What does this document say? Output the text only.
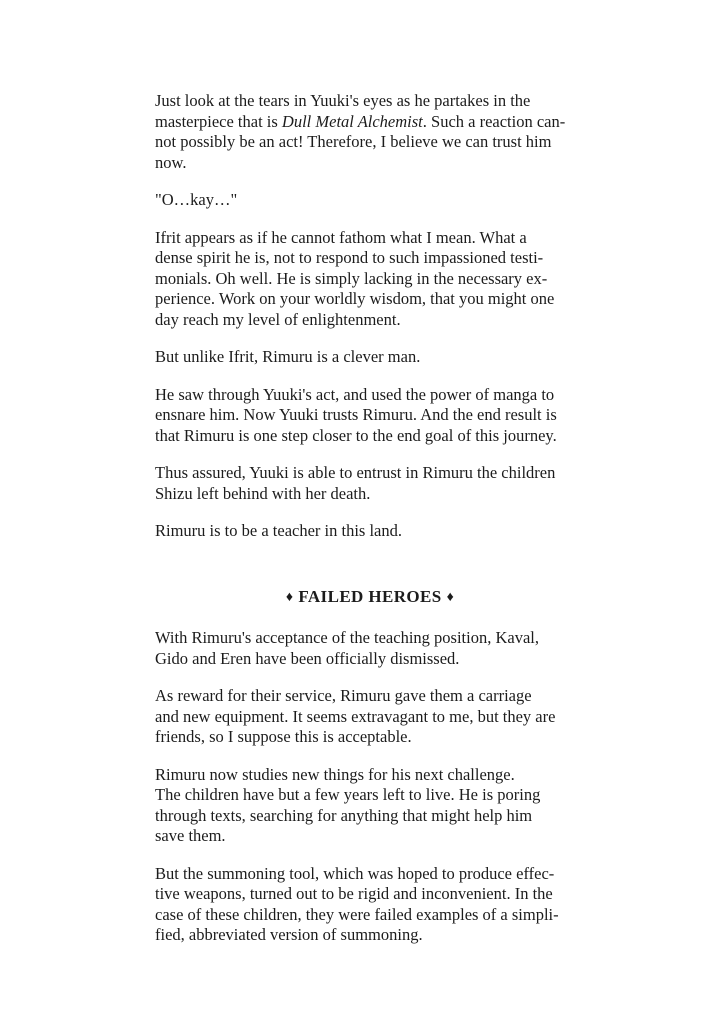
Just look at the tears in Yuuki's eyes as he partakes in the
masterpiece that is Dull Metal Alchemist. Such a reaction can-
not possibly be an act! Therefore, I believe we can trust him
now.

"O…kay…"

Ifrit appears as if he cannot fathom what I mean. What a
dense spirit he is, not to respond to such impassioned testi-
monials. Oh well. He is simply lacking in the necessary ex-
perience. Work on your worldly wisdom, that you might one
day reach my level of enlightenment.

But unlike Ifrit, Rimuru is a clever man.

He saw through Yuuki's act, and used the power of manga to
ensnare him. Now Yuuki trusts Rimuru. And the end result is
that Rimuru is one step closer to the end goal of this journey.

Thus assured, Yuuki is able to entrust in Rimuru the children
Shizu left behind with her death.

Rimuru is to be a teacher in this land.

♦ FAILED HEROES ♦

With Rimuru's acceptance of the teaching position, Kaval,
Gido and Eren have been officially dismissed.

As reward for their service, Rimuru gave them a carriage
and new equipment. It seems extravagant to me, but they are
friends, so I suppose this is acceptable.

Rimuru now studies new things for his next challenge.
The children have but a few years left to live. He is poring
through texts, searching for anything that might help him
save them.

But the summoning tool, which was hoped to produce effec-
tive weapons, turned out to be rigid and inconvenient. In the
case of these children, they were failed examples of a simpli-
fied, abbreviated version of summoning.
